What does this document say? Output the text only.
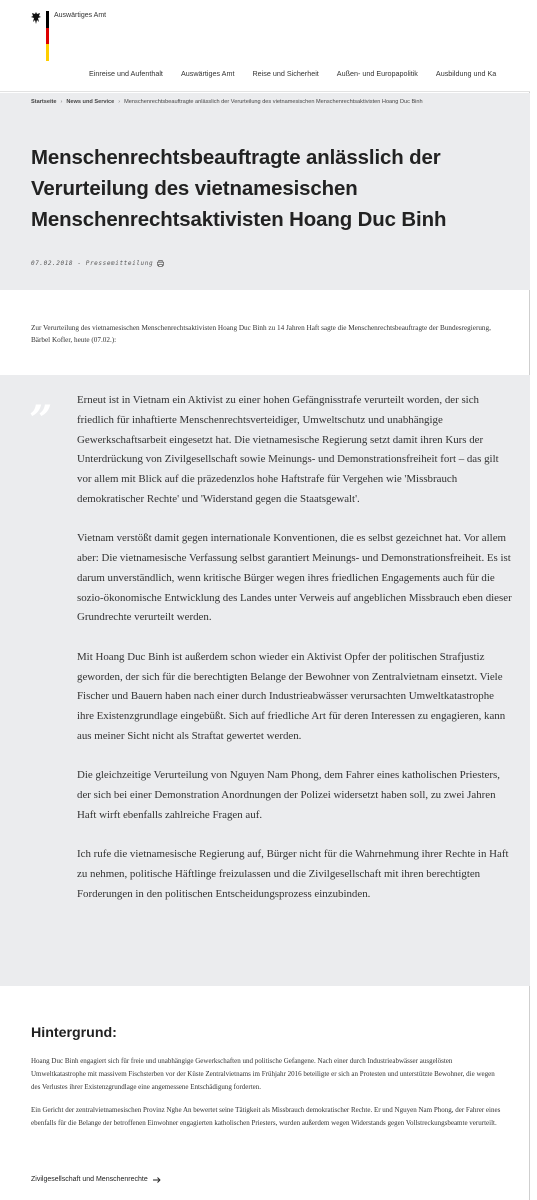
Auswärtiges Amt
Einreise und Aufenthalt	Auswärtiges Amt	Reise und Sicherheit	Außen- und Europapolitik	Ausbildung und Ka
Startseite › News und Service › Menschenrechtsbeauftragte anlässlich der Verurteilung des vietnamesischen Menschenrechtsaktivisten Hoang Duc Binh
Menschenrechtsbeauftragte anlässlich der
Verurteilung des vietnamesischen
Menschenrechtsaktivisten Hoang Duc Binh
07.02.2018 - Pressemitteilung

Zur Verurteilung des vietnamesischen Menschenrechtsaktivisten Hoang Duc Binh zu 14 Jahren Haft sagte die Menschenrechtsbeauftragte der Bundesregierung, Bärbel Kofler, heute (07.02.):

„ Erneut ist in Vietnam ein Aktivist zu einer hohen Gefängnisstrafe verurteilt worden, der sich friedlich für inhaftierte Menschenrechtsverteidiger, Umweltschutz und unabhängige Gewerkschaftsarbeit eingesetzt hat. Die vietnamesische Regierung setzt damit ihren Kurs der Unterdrückung von Zivilgesellschaft sowie Meinungs- und Demonstrationsfreiheit fort – das gilt vor allem mit Blick auf die präzedenzlos hohe Haftstrafe für Vergehen wie 'Missbrauch demokratischer Rechte' und 'Widerstand gegen die Staatsgewalt'.

Vietnam verstößt damit gegen internationale Konventionen, die es selbst gezeichnet hat. Vor allem aber: Die vietnamesische Verfassung selbst garantiert Meinungs- und Demonstrationsfreiheit. Es ist darum unverständlich, wenn kritische Bürger wegen ihres friedlichen Engagements auch für die sozio-ökonomische Entwicklung des Landes unter Verweis auf angeblichen Missbrauch eben dieser Grundrechte verurteilt werden.

Mit Hoang Duc Binh ist außerdem schon wieder ein Aktivist Opfer der politischen Strafjustiz geworden, der sich für die berechtigten Belange der Bewohner von Zentralvietnam einsetzt. Viele Fischer und Bauern haben nach einer durch Industrieabwässer verursachten Umweltkatastrophe ihre Existenzgrundlage eingebüßt. Sich auf friedliche Art für deren Interessen zu engagieren, kann aus meiner Sicht nicht als Straftat gewertet werden.

Die gleichzeitige Verurteilung von Nguyen Nam Phong, dem Fahrer eines katholischen Priesters, der sich bei einer Demonstration Anordnungen der Polizei widersetzt haben soll, zu zwei Jahren Haft wirft ebenfalls zahlreiche Fragen auf.

Ich rufe die vietnamesische Regierung auf, Bürger nicht für die Wahrnehmung ihrer Rechte in Haft zu nehmen, politische Häftlinge freizulassen und die Zivilgesellschaft mit ihren berechtigten Forderungen in den politischen Entscheidungsprozess einzubinden.

Hintergrund:

Hoang Duc Binh engagiert sich für freie und unabhängige Gewerkschaften und politische Gefangene. Nach einer durch Industrieabwässer ausgelösten Umweltkatastrophe mit massivem Fischsterben vor der Küste Zentralvietnams im Frühjahr 2016 beteiligte er sich an Protesten und unterstützte Bewohner, die wegen des Verlustes ihrer Existenzgrundlage eine angemessene Entschädigung forderten.

Ein Gericht der zentralvietnamesischen Provinz Nghe An bewertet seine Tätigkeit als Missbrauch demokratischer Rechte. Er und Nguyen Nam Phong, der Fahrer eines ebenfalls für die Belange der betroffenen Einwohner engagierten katholischen Priesters, wurden außerdem wegen Widerstands gegen Vollstreckungsbeamte verurteilt.

Zivilgesellschaft und Menschenrechte
